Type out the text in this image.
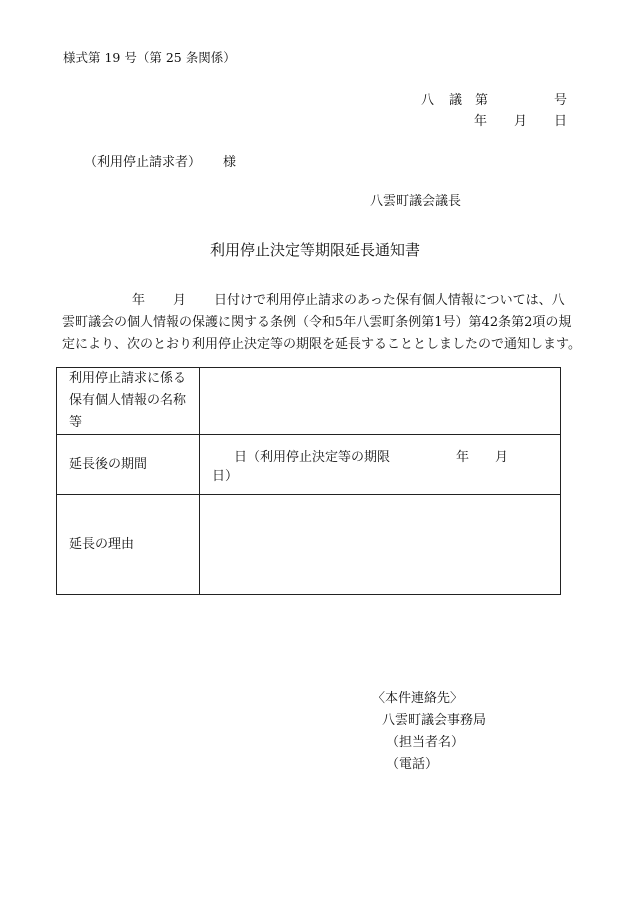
様式第 19 号（第 25 条関係）
八 議 第	号
年 月 日
（利用停止請求者） 様
八雲町議会議長
利用停止決定等期限延長通知書
年 月 日付けで利用停止請求のあった保有個人情報については、八
雲町議会の個人情報の保護に関する条例（令和5年八雲町条例第1号）第42条第2項の規
定により、次のとおり利用停止決定等の期限を延長することとしましたので通知します。
利用停止請求に係る
保有個人情報の名称
等	

延長後の期間	日（利用停止決定等の期限 年 月日）
延長の理由	
〈本件連絡先〉
八雲町議会事務局
（担当者名）
（電話）
